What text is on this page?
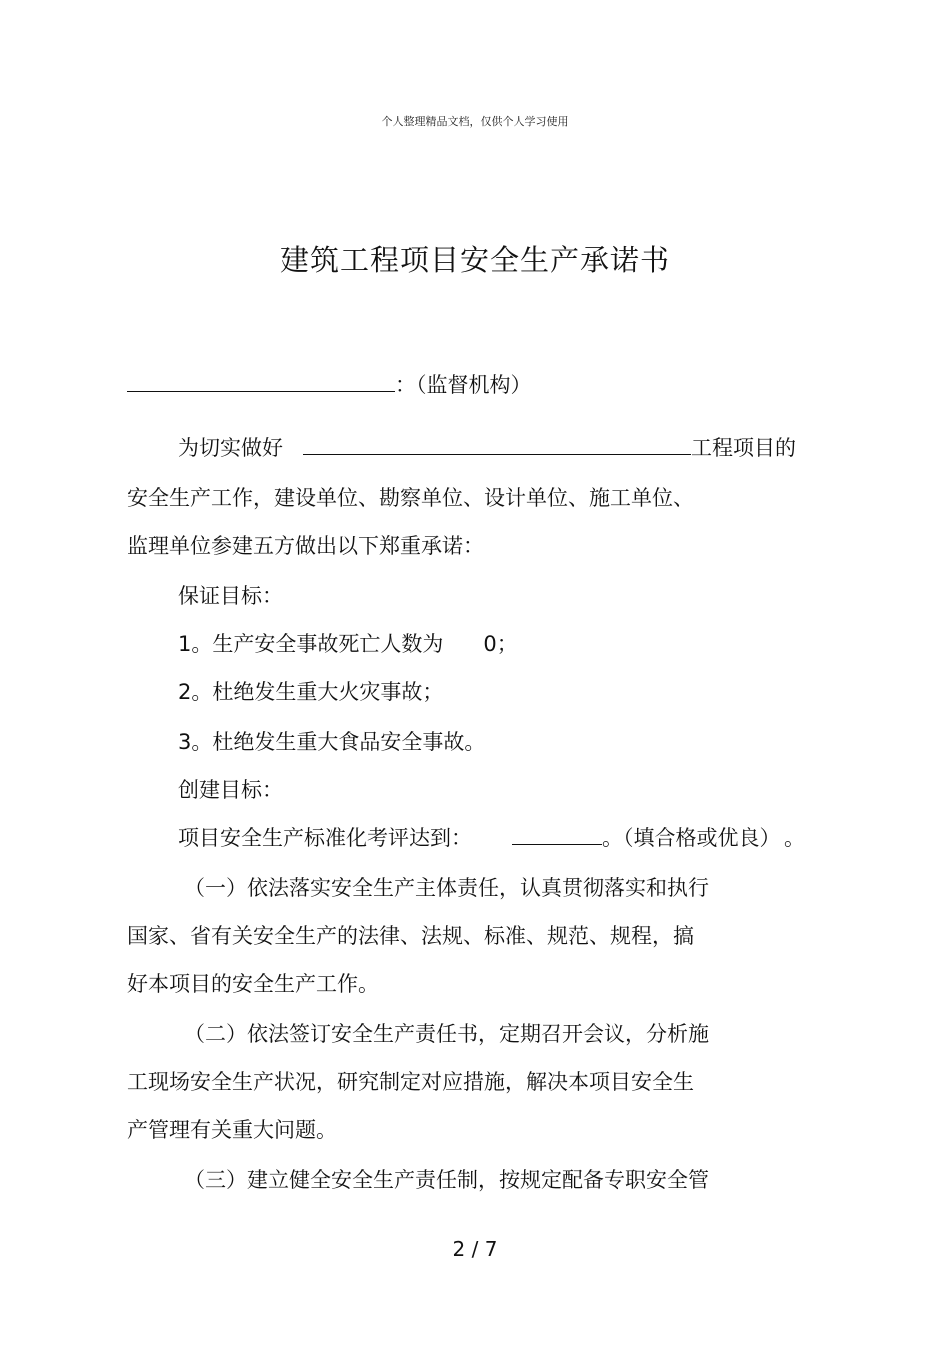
个人整理精品文档，仅供个人学习使用
建筑工程项目安全生产承诺书
：（监督机构）
为切实做好	工程项目的
安全生产工作，建设单位、勘察单位、设计单位、施工单位、
监理单位参建五方做出以下郑重承诺：
保证目标：
1。生产安全事故死亡人数为 0；
2。杜绝发生重大火灾事故；
3。杜绝发生重大食品安全事故。
创建目标：
项目安全生产标准化考评达到：	。（填合格或优良） 。
（一）依法落实安全生产主体责任，认真贯彻落实和执行
国家、省有关安全生产的法律、法规、标准、规范、规程，搞
好本项目的安全生产工作。
（二）依法签订安全生产责任书，定期召开会议，分析施
工现场安全生产状况，研究制定对应措施，解决本项目安全生
产管理有关重大问题。
（三）建立健全安全生产责任制，按规定配备专职安全管
2 / 7
